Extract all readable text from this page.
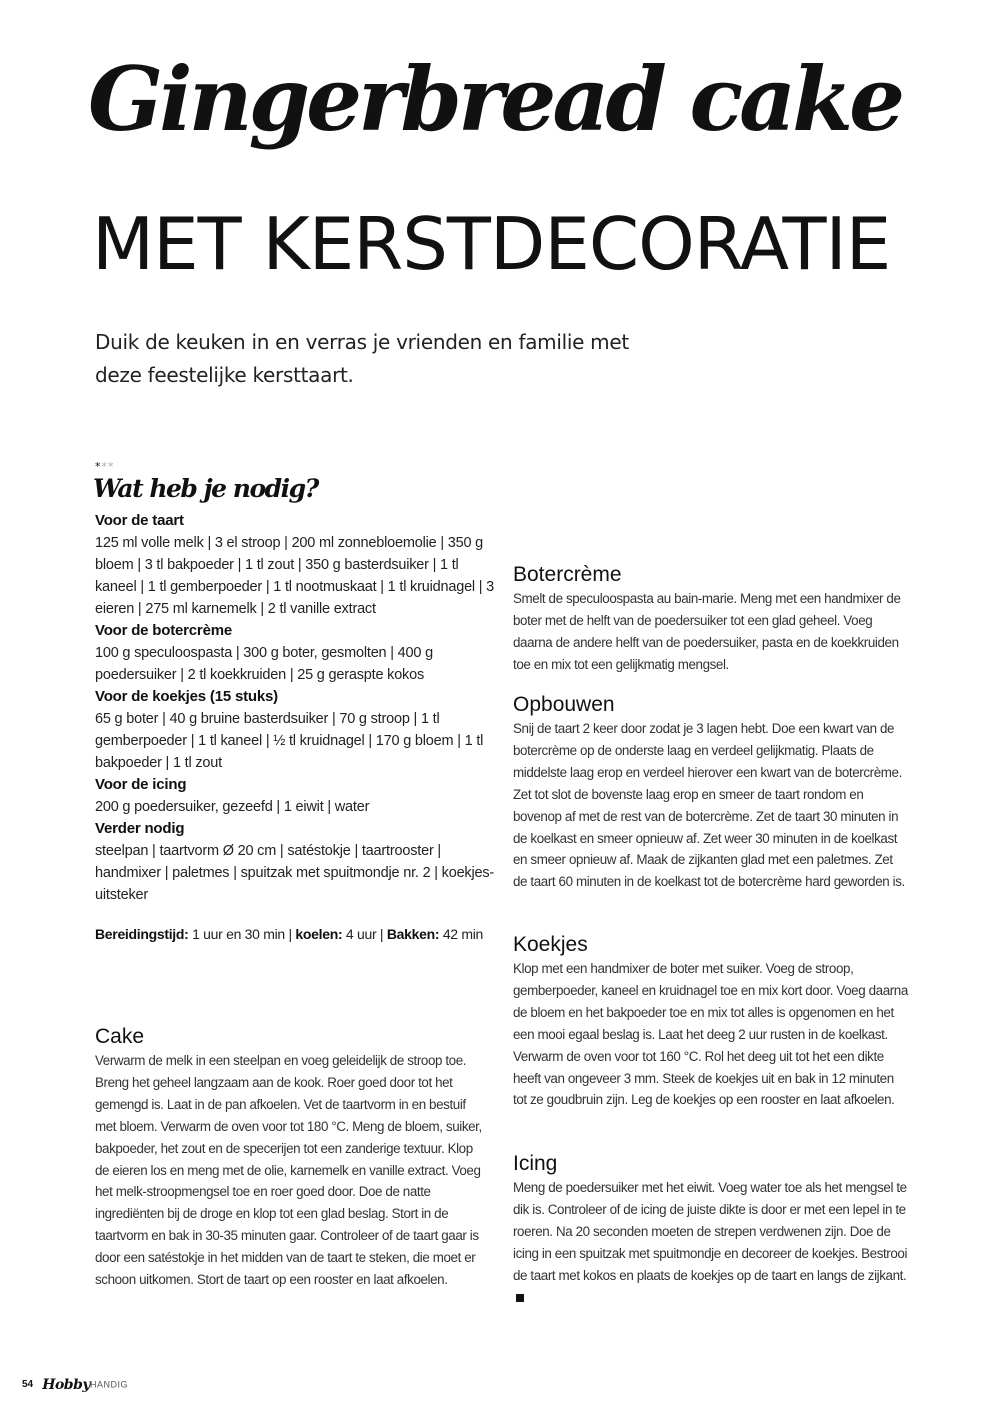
Gingerbread cake
MET KERSTDECORATIE
Duik de keuken in en verras je vrienden en familie met
deze feestelijke kersttaart.
***
Wat heb je nodig?
Voor de taart

125 ml volle melk | 3 el stroop | 200 ml zonnebloemolie | 350 g bloem | 3 tl bakpoeder | 1 tl zout | 350 g basterdsuiker | 1 tl kaneel | 1 tl gemberpoeder | 1 tl nootmuskaat | 1 tl kruidnagel | 3 eieren | 275 ml karnemelk | 2 tl vanille extract

Voor de botercrème

100 g speculoospasta | 300 g boter, gesmolten | 400 g poedersuiker | 2 tl koekkruiden | 25 g geraspte kokos

Voor de koekjes (15 stuks)

65 g boter | 40 g bruine basterdsuiker | 70 g stroop | 1 tl gemberpoeder | 1 tl kaneel | ½ tl kruidnagel | 170 g bloem | 1 tl bakpoeder | 1 tl zout

Voor de icing

200 g poedersuiker, gezeefd | 1 eiwit | water

Verder nodig

steelpan | taartvorm Ø 20 cm | satéstokje | taartrooster | handmixer | paletmes | spuitzak met spuitmondje nr. 2 | koekjes-uitsteker

Bereidingstijd: 1 uur en 30 min | koelen: 4 uur | Bakken: 42 min
Cake

Verwarm de melk in een steelpan en voeg geleidelijk de stroop toe. Breng het geheel langzaam aan de kook. Roer goed door tot het gemengd is. Laat in de pan afkoelen. Vet de taartvorm in en bestuif met bloem. Verwarm de oven voor tot 180 °C. Meng de bloem, suiker, bakpoeder, het zout en de specerijen tot een zanderige textuur. Klop de eieren los en meng met de olie, karnemelk en vanille extract. Voeg het melk-stroopmengsel toe en roer goed door. Doe de natte ingrediënten bij de droge en klop tot een glad beslag. Stort in de taartvorm en bak in 30-35 minuten gaar. Controleer of de taart gaar is door een satéstokje in het midden van de taart te steken, die moet er schoon uitkomen. Stort de taart op een rooster en laat afkoelen.

Botercrème

Smelt de speculoospasta au bain-marie. Meng met een handmixer de boter met de helft van de poedersuiker tot een glad geheel. Voeg daarna de andere helft van de poedersuiker, pasta en de koekkruiden toe en mix tot een gelijkmatig mengsel.

Opbouwen

Snij de taart 2 keer door zodat je 3 lagen hebt. Doe een kwart van de botercrème op de onderste laag en verdeel gelijkmatig. Plaats de middelste laag erop en verdeel hierover een kwart van de botercrème. Zet tot slot de bovenste laag erop en smeer de taart rondom en bovenop af met de rest van de botercrème. Zet de taart 30 minuten in de koelkast en smeer opnieuw af. Zet weer 30 minuten in de koelkast en smeer opnieuw af. Maak de zijkanten glad met een paletmes. Zet de taart 60 minuten in de koelkast tot de botercrème hard geworden is.

Koekjes

Klop met een handmixer de boter met suiker. Voeg de stroop, gemberpoeder, kaneel en kruidnagel toe en mix kort door. Voeg daarna de bloem en het bakpoeder toe en mix tot alles is opgenomen en het een mooi egaal beslag is. Laat het deeg 2 uur rusten in de koelkast. Verwarm de oven voor tot 160 °C. Rol het deeg uit tot het een dikte heeft van ongeveer 3 mm. Steek de koekjes uit en bak in 12 minuten tot ze goudbruin zijn. Leg de koekjes op een rooster en laat afkoelen.

Icing

Meng de poedersuiker met het eiwit. Voeg water toe als het mengsel te dik is. Controleer of de icing de juiste dikte is door er met een lepel in te roeren. Na 20 seconden moeten de strepen verdwenen zijn. Doe de icing in een spuitzak met spuitmondje en decoreer de koekjes. Bestrooi de taart met kokos en plaats de koekjes op de taart en langs de zijkant.

54 HobbyHANDIG
